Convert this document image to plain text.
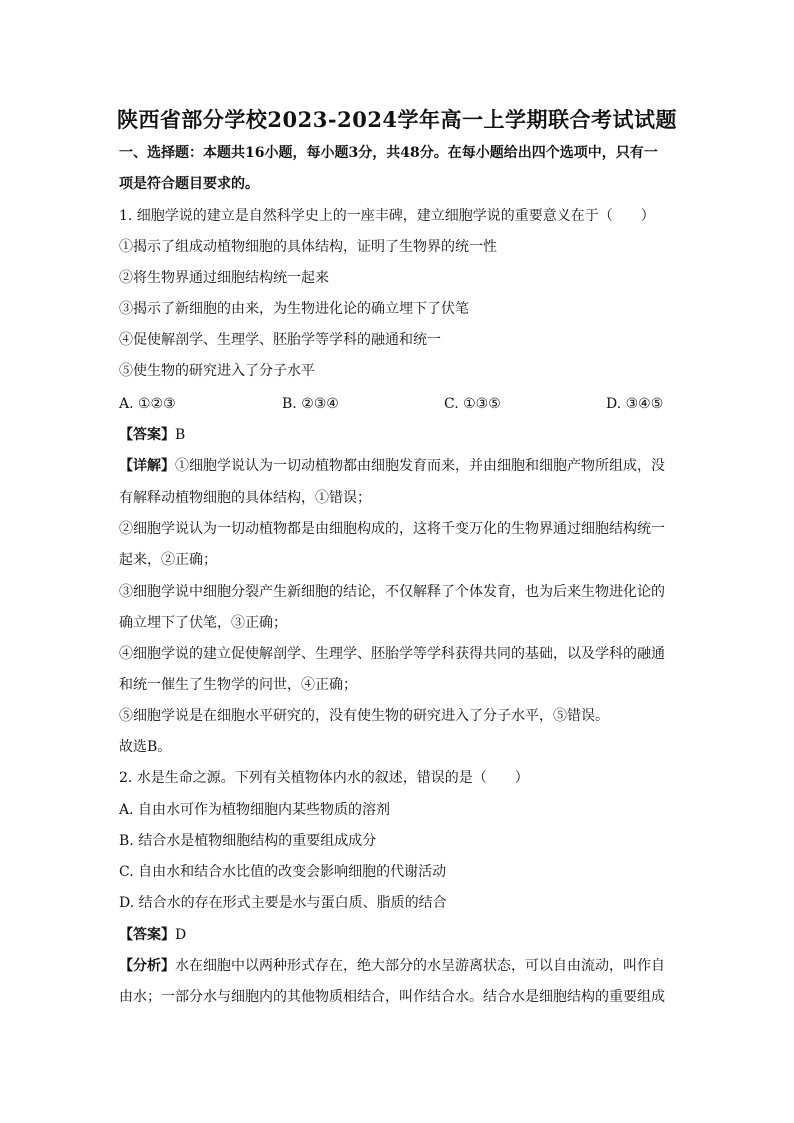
陕西省部分学校2023-2024学年高一上学期联合考试试题
一、选择题：本题共16小题，每小题3分，共48分。在每小题给出四个选项中，只有一
项是符合题目要求的。
1. 细胞学说的建立是自然科学史上的一座丰碑，建立细胞学说的重要意义在于（　　）
①揭示了组成动植物细胞的具体结构，证明了生物界的统一性
②将生物界通过细胞结构统一起来
③揭示了新细胞的由来，为生物进化论的确立埋下了伏笔
④促使解剖学、生理学、胚胎学等学科的融通和统一
⑤使生物的研究进入了分子水平
A. ①②③	B. ②③④	C. ①③⑤	D. ③④⑤
【答案】B
【详解】①细胞学说认为一切动植物都由细胞发育而来，并由细胞和细胞产物所组成，没
有解释动植物细胞的具体结构，①错误；
②细胞学说认为一切动植物都是由细胞构成的，这将千变万化的生物界通过细胞结构统一
起来，②正确；
③细胞学说中细胞分裂产生新细胞的结论，不仅解释了个体发育，也为后来生物进化论的
确立埋下了伏笔，③正确；
④细胞学说的建立促使解剖学、生理学、胚胎学等学科获得共同的基础，以及学科的融通
和统一催生了生物学的问世，④正确；
⑤细胞学说是在细胞水平研究的，没有使生物的研究进入了分子水平，⑤错误。
故选B。
2. 水是生命之源。下列有关植物体内水的叙述，错误的是（　　）
A. 自由水可作为植物细胞内某些物质的溶剂
B. 结合水是植物细胞结构的重要组成成分
C. 自由水和结合水比值的改变会影响细胞的代谢活动
D. 结合水的存在形式主要是水与蛋白质、脂质的结合
【答案】D
【分析】水在细胞中以两种形式存在，绝大部分的水呈游离状态，可以自由流动，叫作自
由水；一部分水与细胞内的其他物质相结合，叫作结合水。结合水是细胞结构的重要组成
